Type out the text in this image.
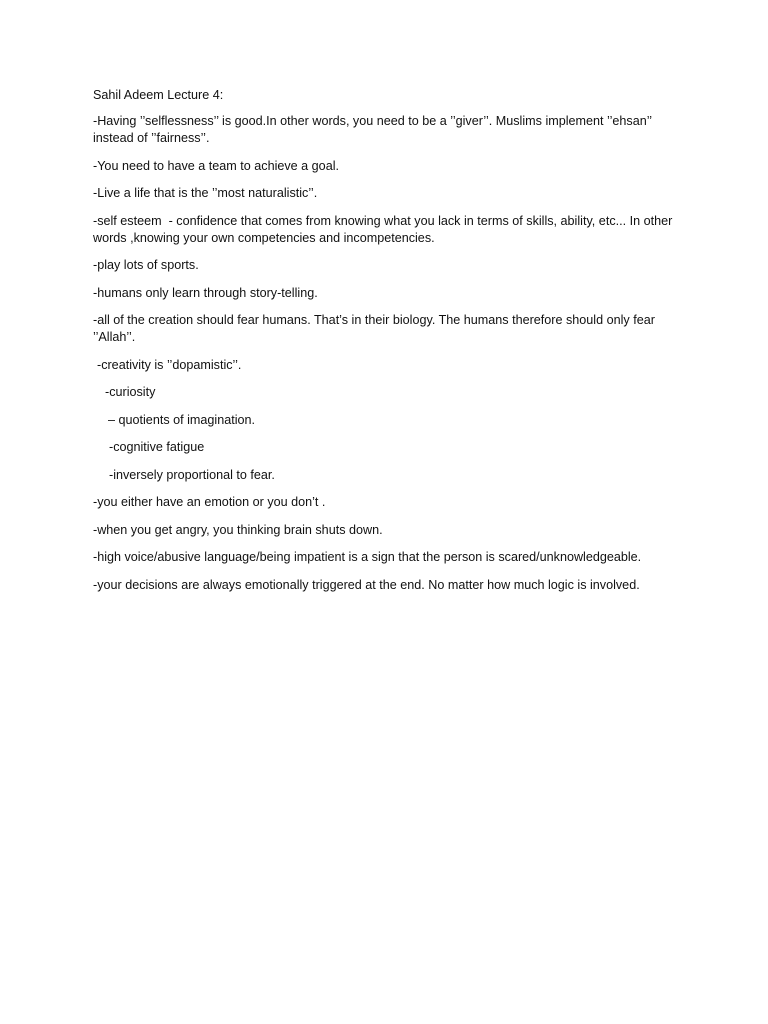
Sahil Adeem Lecture 4:

-Having ’’selflessness’’ is good.In other words, you need to be a ’’giver’’. Muslims implement ’’ehsan’’ instead of ’’fairness’’.

-You need to have a team to achieve a goal.

-Live a life that is the ’’most naturalistic’’.

-self esteem  - confidence that comes from knowing what you lack in terms of skills, ability, etc... In other words ,knowing your own competencies and incompetencies.

-play lots of sports.

-humans only learn through story-telling.

-all of the creation should fear humans. That’s in their biology. The humans therefore should only fear ’’Allah’’.

-creativity is ’’dopamistic’’.

-curiosity

– quotients of imagination.

-cognitive fatigue

-inversely proportional to fear.

-you either have an emotion or you don’t .

-when you get angry, you thinking brain shuts down.

-high voice/abusive language/being impatient is a sign that the person is scared/unknowledgeable.

-your decisions are always emotionally triggered at the end. No matter how much logic is involved.
